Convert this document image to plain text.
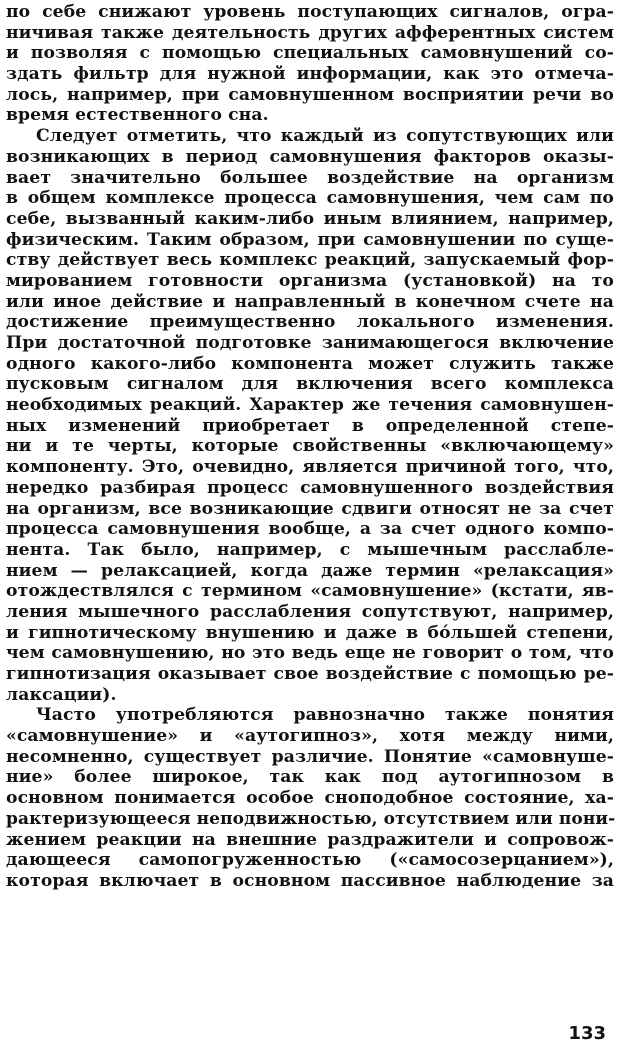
по себе снижают уровень поступающих сигналов, огра-
ничивая также деятельность других афферентных систем
и позволяя с помощью специальных самовнушений со-
здать фильтр для нужной информации, как это отмеча-
лось, например, при самовнушенном восприятии речи во
время естественного сна.
Следует отметить, что каждый из сопутствующих или
возникающих в период самовнушения факторов оказы-
вает значительно большее воздействие на организм
в общем комплексе процесса самовнушения, чем сам по
себе, вызванный каким-либо иным влиянием, например,
физическим. Таким образом, при самовнушении по суще-
ству действует весь комплекс реакций, запускаемый фор-
мированием готовности организма (установкой) на то
или иное действие и направленный в конечном счете на
достижение преимущественно локального изменения.
При достаточной подготовке занимающегося включение
одного какого-либо компонента может служить также
пусковым сигналом для включения всего комплекса
необходимых реакций. Характер же течения самовнушен-
ных изменений приобретает в определенной степе-
ни и те черты, которые свойственны «включающему»
компоненту. Это, очевидно, является причиной того, что,
нередко разбирая процесс самовнушенного воздействия
на организм, все возникающие сдвиги относят не за счет
процесса самовнушения вообще, а за счет одного компо-
нента. Так было, например, с мышечным расслабле-
нием — релаксацией, когда даже термин «релаксация»
отождествлялся с термином «самовнушение» (кстати, яв-
ления мышечного расслабления сопутствуют, например,
и гипнотическому внушению и даже в бо́льшей степени,
чем самовнушению, но это ведь еще не говорит о том, что
гипнотизация оказывает свое воздействие с помощью ре-
лаксации).
Часто употребляются равнозначно также понятия
«самовнушение» и «аутогипноз», хотя между ними,
несомненно, существует различие. Понятие «самовнуше-
ние» более широкое, так как под аутогипнозом в
основном понимается особое сноподобное состояние, ха-
рактеризующееся неподвижностью, отсутствием или пони-
жением реакции на внешние раздражители и сопровож-
дающееся самопогруженностью («самосозерцанием»),
которая включает в основном пассивное наблюдение за
133
